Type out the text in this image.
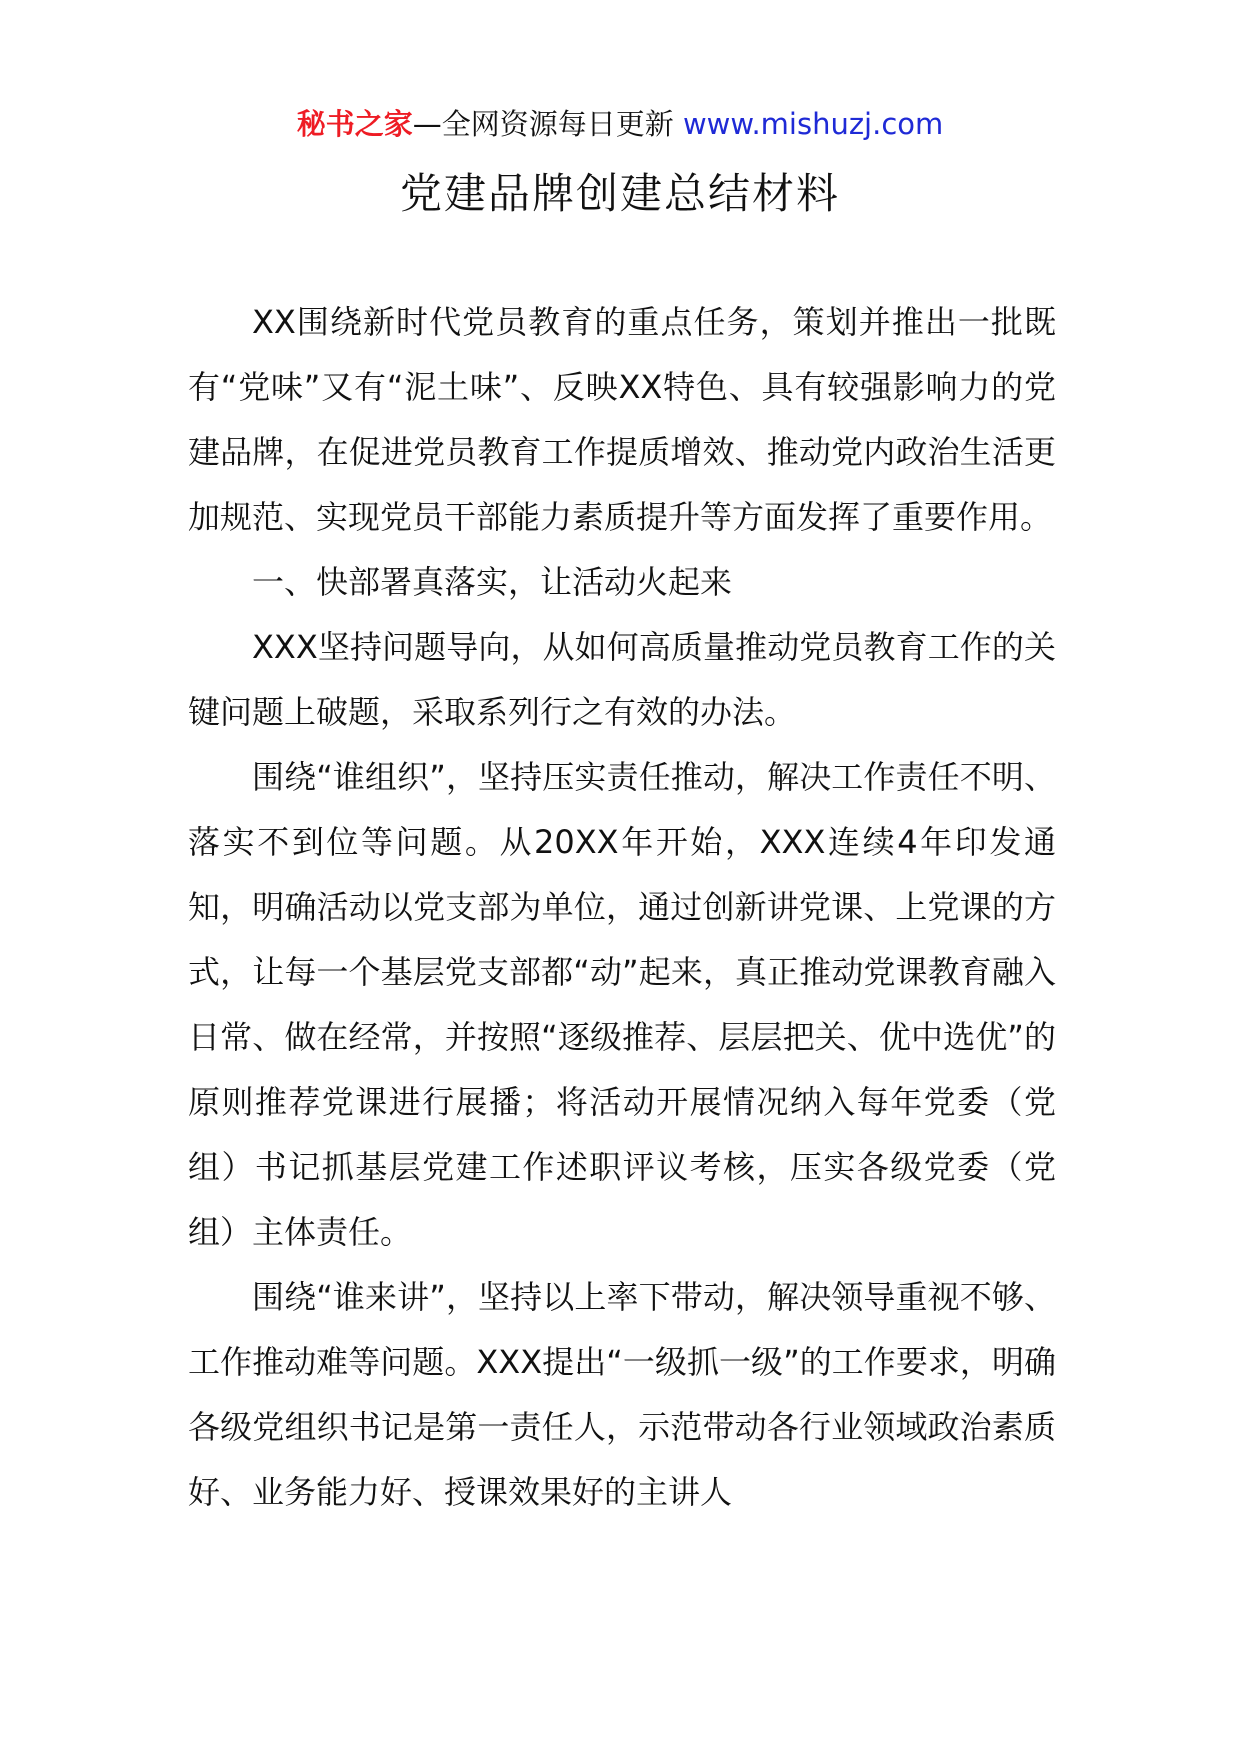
秘书之家—全网资源每日更新 www.mishuzj.com
党建品牌创建总结材料

XX围绕新时代党员教育的重点任务，策划并推出一批既有“党味”又有“泥土味”、反映XX特色、具有较强影响力的党建品牌，在促进党员教育工作提质增效、推动党内政治生活更加规范、实现党员干部能力素质提升等方面发挥了重要作用。

一、快部署真落实，让活动火起来

XXX坚持问题导向，从如何高质量推动党员教育工作的关键问题上破题，采取系列行之有效的办法。

围绕“谁组织”，坚持压实责任推动，解决工作责任不明、落实不到位等问题。从20XX年开始，XXX连续4年印发通知，明确活动以党支部为单位，通过创新讲党课、上党课的方式，让每一个基层党支部都“动”起来，真正推动党课教育融入日常、做在经常，并按照“逐级推荐、层层把关、优中选优”的原则推荐党课进行展播；将活动开展情况纳入每年党委（党组）书记抓基层党建工作述职评议考核，压实各级党委（党组）主体责任。

围绕“谁来讲”，坚持以上率下带动，解决领导重视不够、工作推动难等问题。XXX提出“一级抓一级”的工作要求，明确各级党组织书记是第一责任人，示范带动各行业领域政治素质好、业务能力好、授课效果好的主讲人
